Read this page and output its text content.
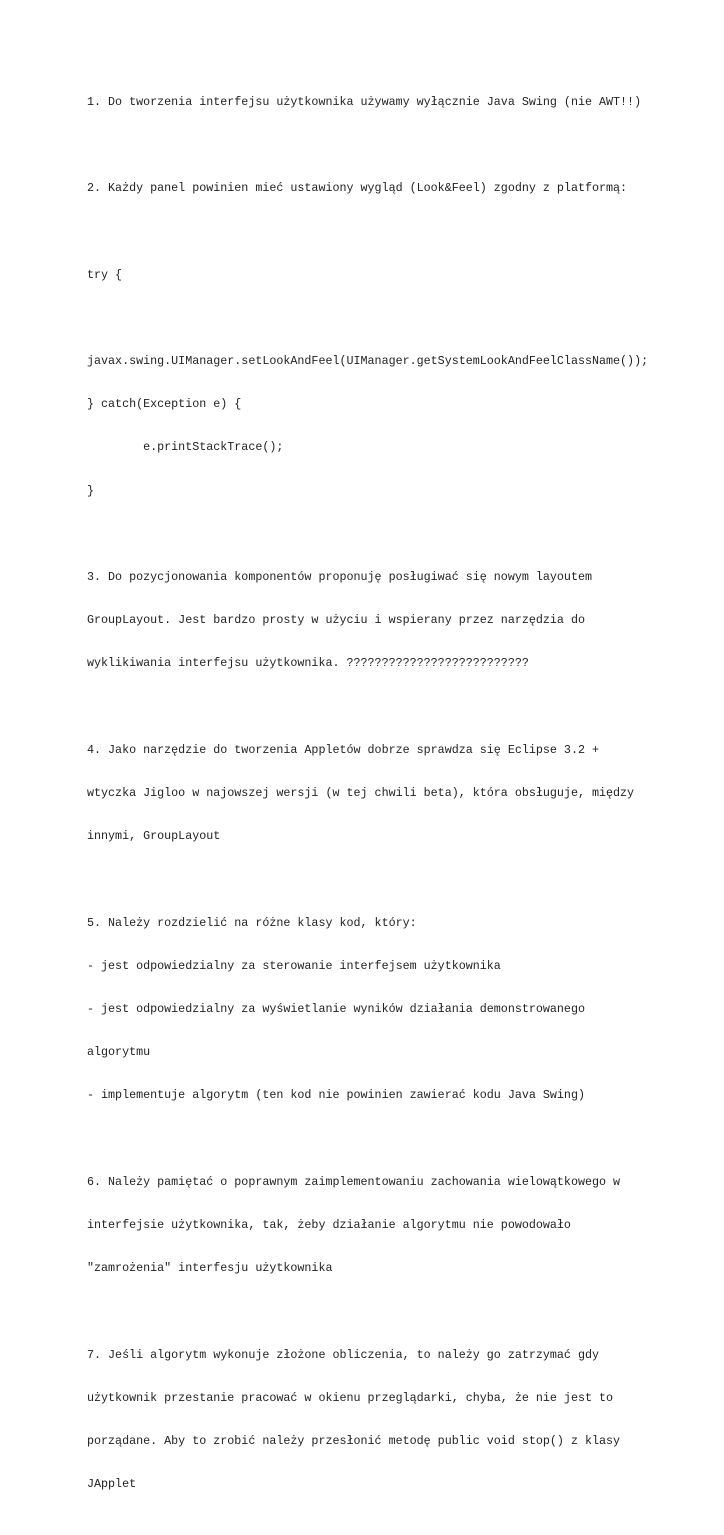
1. Do tworzenia interfejsu użytkownika używamy wyłącznie Java Swing (nie AWT!!)

2. Każdy panel powinien mieć ustawiony wygląd (Look&Feel) zgodny z platformą:

try {

javax.swing.UIManager.setLookAndFeel(UIManager.getSystemLookAndFeelClassName());

} catch(Exception e) {

e.printStackTrace();

}

3. Do pozycjonowania komponentów proponuję posługiwać się nowym layoutem

GroupLayout. Jest bardzo prosty w użyciu i wspierany przez narzędzia do

wyklikiwania interfejsu użytkownika. ??????????????????????????

4. Jako narzędzie do tworzenia Appletów dobrze sprawdza się Eclipse 3.2 +

wtyczka Jigloo w najowszej wersji (w tej chwili beta), która obsługuje, między

innymi, GroupLayout

5. Należy rozdzielić na różne klasy kod, który:

- jest odpowiedzialny za sterowanie interfejsem użytkownika

- jest odpowiedzialny za wyświetlanie wyników działania demonstrowanego

algorytmu

- implementuje algorytm (ten kod nie powinien zawierać kodu Java Swing)

6. Należy pamiętać o poprawnym zaimplementowaniu zachowania wielowątkowego w

interfejsie użytkownika, tak, żeby działanie algorytmu nie powodowało

"zamrożenia" interfesju użytkownika

7. Jeśli algorytm wykonuje złożone obliczenia, to należy go zatrzymać gdy

użytkownik przestanie pracować w okienu przeglądarki, chyba, że nie jest to

porządane. Aby to zrobić należy przesłonić metodę public void stop() z klasy

JApplet
